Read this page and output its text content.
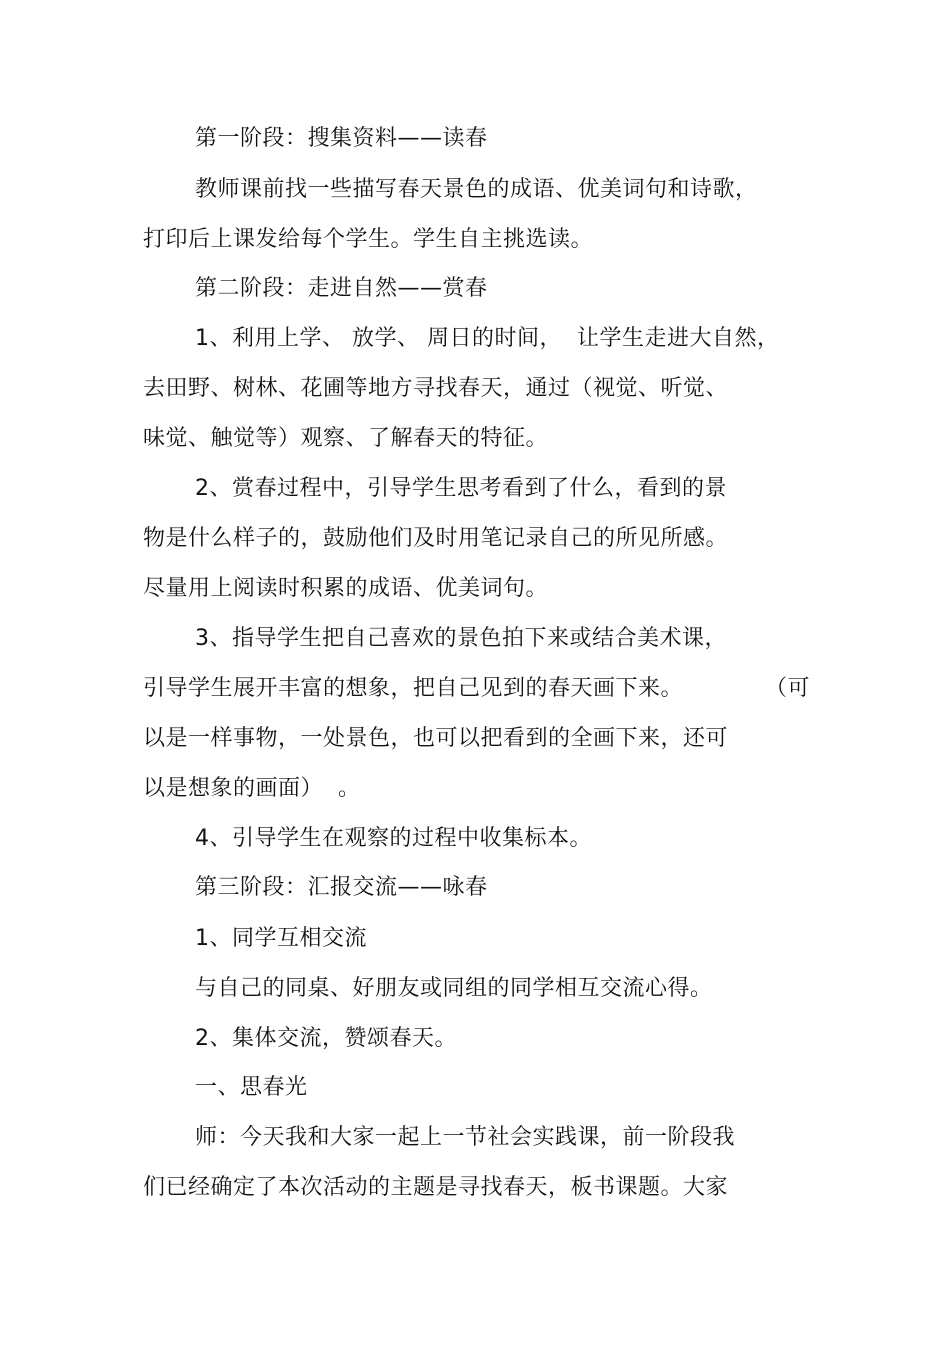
第一阶段：搜集资料——读春
教师课前找一些描写春天景色的成语、优美词句和诗歌，
打印后上课发给每个学生。学生自主挑选读。
第二阶段：走进自然——赏春
1、利用上学、 放学、 周日的时间，  让学生走进大自然，
去田野、树林、花圃等地方寻找春天，通过（视觉、听觉、
味觉、触觉等）观察、了解春天的特征。
2、赏春过程中，引导学生思考看到了什么，看到的景
物是什么样子的，鼓励他们及时用笔记录自己的所见所感。
尽量用上阅读时积累的成语、优美词句。
3、指导学生把自己喜欢的景色拍下来或结合美术课，
引导学生展开丰富的想象，把自己见到的春天画下来。	（可
以是一样事物，一处景色，也可以把看到的全画下来，还可
以是想象的画面）  。
4、引导学生在观察的过程中收集标本。
第三阶段：汇报交流——咏春
1、同学互相交流
与自己的同桌、好朋友或同组的同学相互交流心得。
2、集体交流，赞颂春天。
一、思春光
师：今天我和大家一起上一节社会实践课，前一阶段我
们已经确定了本次活动的主题是寻找春天，板书课题。大家
